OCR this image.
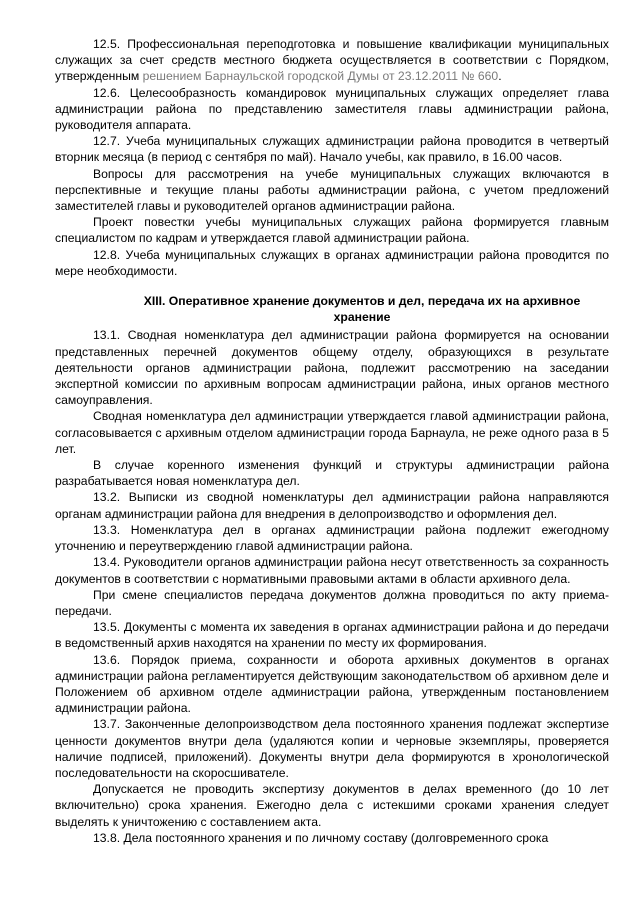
12.5. Профессиональная переподготовка и повышение квалификации муниципальных служащих за счет средств местного бюджета осуществляется в соответствии с Порядком, утвержденным решением Барнаульской городской Думы от 23.12.2011 № 660.

12.6. Целесообразность командировок муниципальных служащих определяет глава администрации района по представлению заместителя главы администрации района, руководителя аппарата.

12.7. Учеба муниципальных служащих администрации района проводится в четвертый вторник месяца (в период с сентября по май). Начало учебы, как правило, в 16.00 часов.

Вопросы для рассмотрения на учебе муниципальных служащих включаются в перспективные и текущие планы работы администрации района, с учетом предложений заместителей главы и руководителей органов администрации района.

Проект повестки учебы муниципальных служащих района формируется главным специалистом по кадрам и утверждается главой администрации района.

12.8. Учеба муниципальных служащих в органах администрации района проводится по мере необходимости.

XIII. Оперативное хранение документов и дел, передача их на архивное хранение

13.1. Сводная номенклатура дел администрации района формируется на основании представленных перечней документов общему отделу, образующихся в результате деятельности органов администрации района, подлежит рассмотрению на заседании экспертной комиссии по архивным вопросам администрации района, иных органов местного самоуправления.

Сводная номенклатура дел администрации утверждается главой администрации района, согласовывается с архивным отделом администрации города Барнаула, не реже одного раза в 5 лет.

В случае коренного изменения функций и структуры администрации района разрабатывается новая номенклатура дел.

13.2. Выписки из сводной номенклатуры дел администрации района направляются органам администрации района для внедрения в делопроизводство и оформления дел.

13.3. Номенклатура дел в органах администрации района подлежит ежегодному уточнению и переутверждению главой администрации района.

13.4. Руководители органов администрации района несут ответственность за сохранность документов в соответствии с нормативными правовыми актами в области архивного дела.

При смене специалистов передача документов должна проводиться по акту приема-передачи.

13.5. Документы с момента их заведения в органах администрации района и до передачи в ведомственный архив находятся на хранении по месту их формирования.

13.6. Порядок приема, сохранности и оборота архивных документов в органах администрации района регламентируется действующим законодательством об архивном деле и Положением об архивном отделе администрации района, утвержденным постановлением администрации района.

13.7. Законченные делопроизводством дела постоянного хранения подлежат экспертизе ценности документов внутри дела (удаляются копии и черновые экземпляры, проверяется наличие подписей, приложений). Документы внутри дела формируются в хронологической последовательности на скоросшивателе.

Допускается не проводить экспертизу документов в делах временного (до 10 лет включительно) срока хранения. Ежегодно дела с истекшими сроками хранения следует выделять к уничтожению с составлением акта.

13.8. Дела постоянного хранения и по личному составу (долговременного срока
